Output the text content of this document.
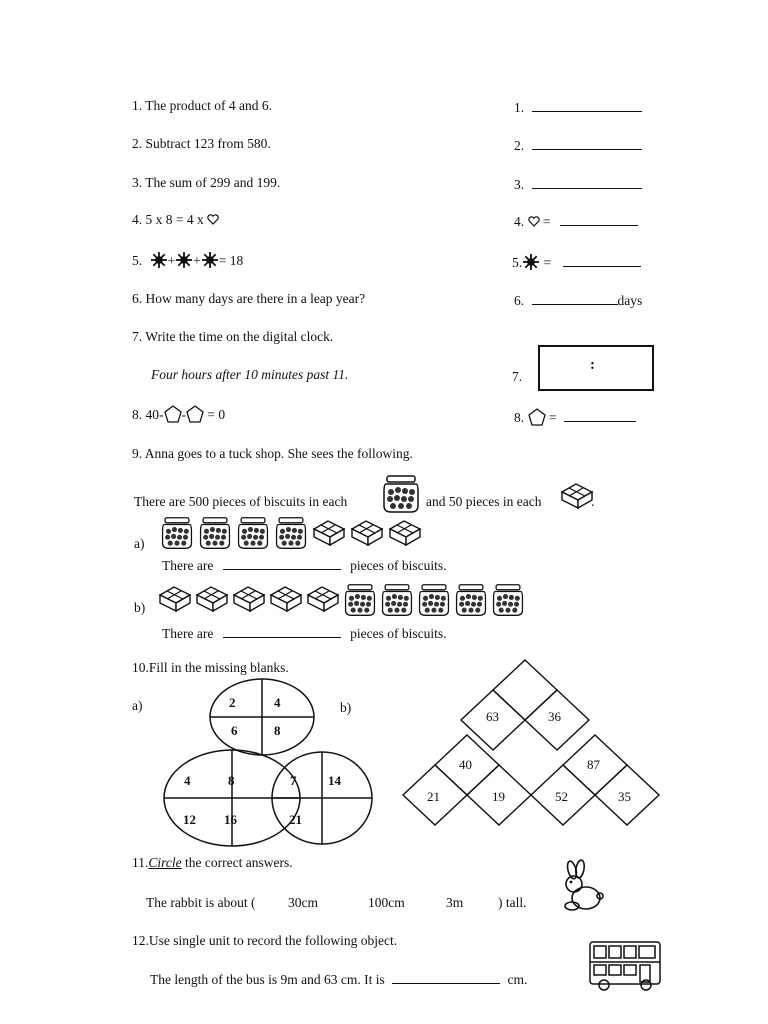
1. The product of 4 and 6.	1.
2. Subtract 123 from 580.	2.
3. The sum of 299 and 199.	3.
4. 5 x 8 = 4 x	4. =
5. + + = 18	5. =
6. How many days are there in a leap year?	6.	days
7. Write the time on the digital clock.
Four hours after 10 minutes past 11.	7.
:
8. 40- - = 0	8. =
9. Anna goes to a tuck shop. She sees the following.
There are 500 pieces of biscuits in each	and 50 pieces in each	.
a)
There are	pieces of biscuits.
b)
There are	pieces of biscuits.
10.Fill in the missing blanks.
a)	b)
2	4
6	8
4	8
12 16
7 14
21
63	36
40	87
21	19	52	35
11.Circle the correct answers.
The rabbit is about ( 30cm	100cm	3m	) tall.
12.Use single unit to record the following object.
The length of the bus is 9m and 63 cm. It is	cm.
